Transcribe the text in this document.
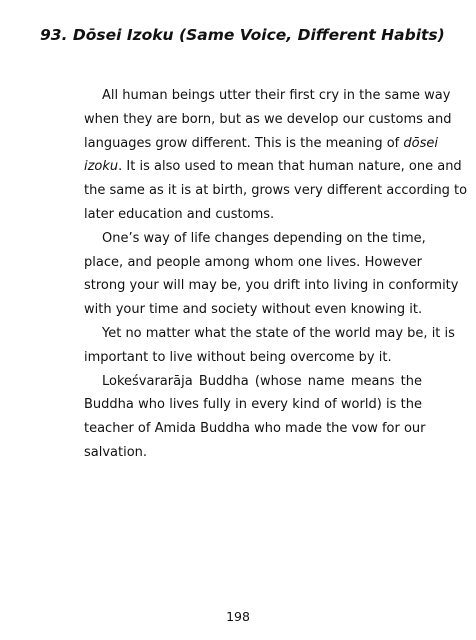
93. Dōsei Izoku (Same Voice, Different Habits)

All human beings utter their first cry in the same way
when they are born, but as we develop our customs and
languages grow different. This is the meaning of dōsei
izoku. It is also used to mean that human nature, one and
the same as it is at birth, grows very different according to
later education and customs.

One’s way of life changes depending on the time,
place, and people among whom one lives. However
strong your will may be, you drift into living in conformity
with your time and society without even knowing it.

Yet no matter what the state of the world may be, it is
important to live without being overcome by it.

Lokeśvararāja Buddha (whose name means the
Buddha who lives fully in every kind of world) is the
teacher of Amida Buddha who made the vow for our
salvation.

198
